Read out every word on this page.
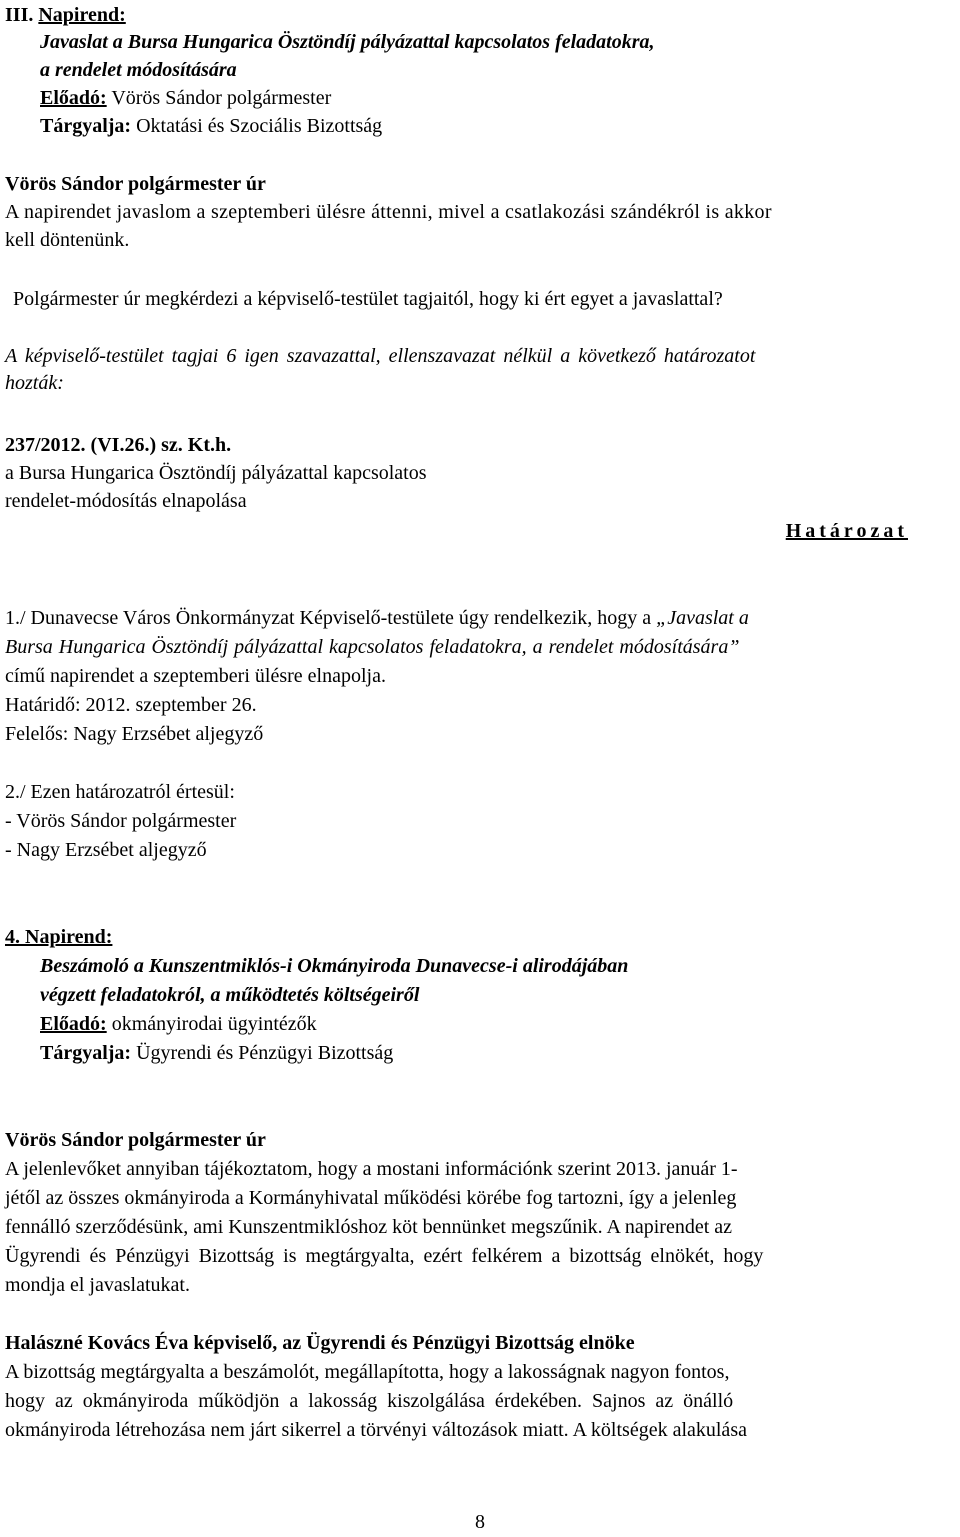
III. Napirend:
Javaslat a Bursa Hungarica Ösztöndíj pályázattal kapcsolatos feladatokra,
a rendelet módosítására
Előadó: Vörös Sándor polgármester
Tárgyalja: Oktatási és Szociális Bizottság
Vörös Sándor polgármester úr
A napirendet javaslom a szeptemberi ülésre áttenni, mivel a csatlakozási szándékról is akkor
kell döntenünk.
Polgármester úr megkérdezi a képviselő-testület tagjaitól, hogy ki ért egyet a javaslattal?
A képviselő-testület tagjai 6 igen szavazattal, ellenszavazat nélkül a következő határozatot
hozták:
237/2012. (VI.26.) sz. Kt.h.
a Bursa Hungarica Ösztöndíj pályázattal kapcsolatos
rendelet-módosítás elnapolása
Határozat
1./ Dunavecse Város Önkormányzat Képviselő-testülete úgy rendelkezik, hogy a „Javaslat a
Bursa Hungarica Ösztöndíj pályázattal kapcsolatos feladatokra, a rendelet módosítására”
című napirendet a szeptemberi ülésre elnapolja.
Határidő: 2012. szeptember 26.
Felelős: Nagy Erzsébet aljegyző
2./ Ezen határozatról értesül:
- Vörös Sándor polgármester
- Nagy Erzsébet aljegyző
4. Napirend:
Beszámoló a Kunszentmiklós-i Okmányiroda Dunavecse-i alirodájában
végzett feladatokról, a működtetés költségeiről
Előadó: okmányirodai ügyintézők
Tárgyalja: Ügyrendi és Pénzügyi Bizottság
Vörös Sándor polgármester úr
A jelenlevőket annyiban tájékoztatom, hogy a mostani információnk szerint 2013. január 1-
jétől az összes okmányiroda a Kormányhivatal működési körébe fog tartozni, így a jelenleg
fennálló szerződésünk, ami Kunszentmiklóshoz köt bennünket megszűnik. A napirendet az
Ügyrendi és Pénzügyi Bizottság is megtárgyalta, ezért felkérem a bizottság elnökét, hogy
mondja el javaslatukat.
Halászné Kovács Éva képviselő, az Ügyrendi és Pénzügyi Bizottság elnöke
A bizottság megtárgyalta a beszámolót, megállapította, hogy a lakosságnak nagyon fontos,
hogy az okmányiroda működjön a lakosság kiszolgálása érdekében. Sajnos az önálló
okmányiroda létrehozása nem járt sikerrel a törvényi változások miatt. A költségek alakulása
8
